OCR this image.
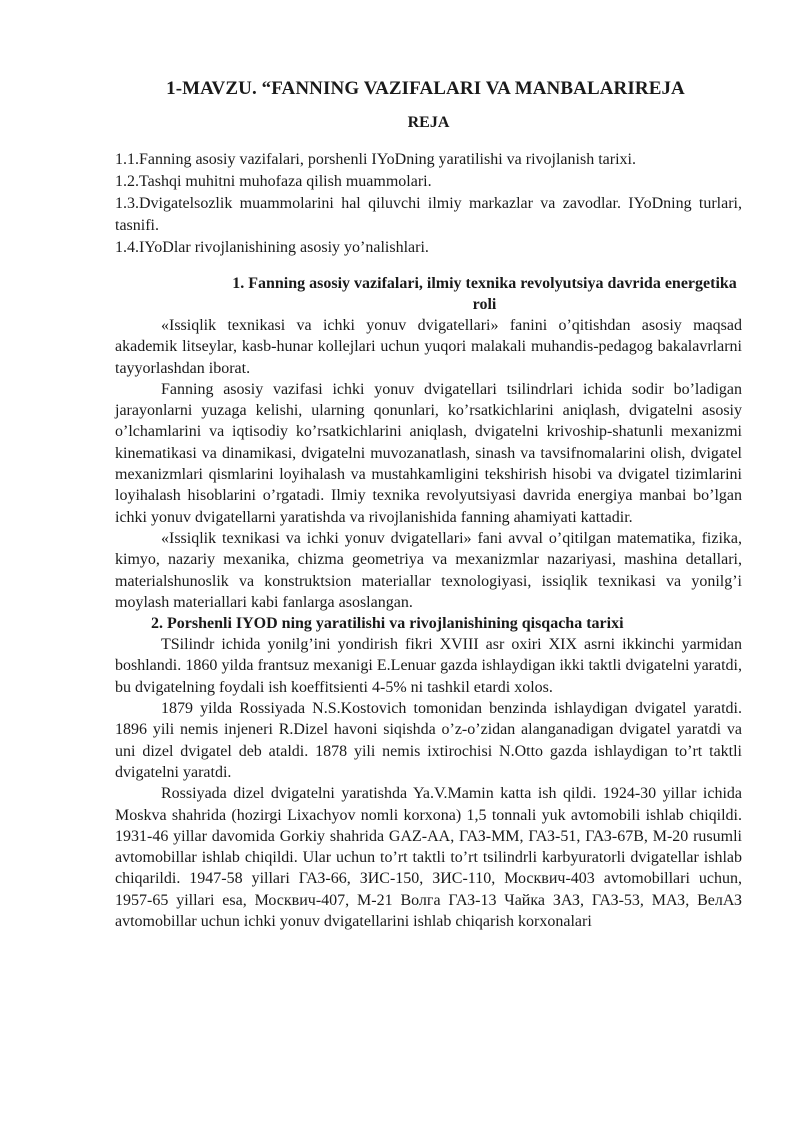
1-MAVZU. “FANNING VAZIFALARI VA MANBALARIREJA
REJA
1.1.Fanning asosiy vazifalari, porshenli IYoDning yaratilishi va rivojlanish tarixi.
1.2.Tashqi muhitni muhofaza qilish muammolari.
1.3.Dvigatelsozlik muammolarini hal qiluvchi ilmiy markazlar va zavodlar. IYoDning turlari, tasnifi.
1.4.IYoDlar rivojlanishining asosiy yo’nalishlari.
1. Fanning asosiy vazifalari, ilmiy texnika revolyutsiya davrida energetika roli

«Issiqlik texnikasi va ichki yonuv dvigatellari» fanini o’qitishdan asosiy maqsad akademik litseylar, kasb-hunar kollejlari uchun yuqori malakali muhandis-pedagog bakalavrlarni tayyorlashdan iborat.

Fanning asosiy vazifasi ichki yonuv dvigatellari tsilindrlari ichida sodir bo’ladigan jarayonlarni yuzaga kelishi, ularning qonunlari, ko’rsatkichlarini aniqlash, dvigatelni asosiy o’lchamlarini va iqtisodiy ko’rsatkichlarini aniqlash, dvigatelni krivoship-shatunli mexanizmi kinematikasi va dinamikasi, dvigatelni muvozanatlash, sinash va tavsifnomalarini olish, dvigatel mexanizmlari qismlarini loyihalash va mustahkamligini tekshirish hisobi va dvigatel tizimlarini loyihalash hisoblarini o’rgatadi. Ilmiy texnika revolyutsiyasi davrida energiya manbai bo’lgan ichki yonuv dvigatellarni yaratishda va rivojlanishida fanning ahamiyati kattadir.

«Issiqlik texnikasi va ichki yonuv dvigatellari» fani avval o’qitilgan matematika, fizika, kimyo, nazariy mexanika, chizma geometriya va mexanizmlar nazariyasi, mashina detallari, materialshunoslik va konstruktsion materiallar texnologiyasi, issiqlik texnikasi va yonilg’i moylash materiallari kabi fanlarga asoslangan.

2. Porshenli IYOD ning yaratilishi va rivojlanishining qisqacha tarixi

TSilindr ichida yonilg’ini yondirish fikri XVIII asr oxiri XIX asrni ikkinchi yarmidan boshlandi. 1860 yilda frantsuz mexanigi E.Lenuar gazda ishlaydigan ikki taktli dvigatelni yaratdi, bu dvigatelning foydali ish koeffitsienti 4-5% ni tashkil etardi xolos.

1879 yilda Rossiyada N.S.Kostovich tomonidan benzinda ishlaydigan dvigatel yaratdi. 1896 yili nemis injeneri R.Dizel havoni siqishda o’z-o’zidan alanganadigan dvigatel yaratdi va uni dizel dvigatel deb ataldi. 1878 yili nemis ixtirochisi N.Otto gazda ishlaydigan to’rt taktli dvigatelni yaratdi.

Rossiyada dizel dvigatelni yaratishda Ya.V.Mamin katta ish qildi. 1924-30 yillar ichida Moskva shahrida (hozirgi Lixachyov nomli korxona) 1,5 tonnali yuk avtomobili ishlab chiqildi. 1931-46 yillar davomida Gorkiy shahrida GAZ-AA, ГАЗ-ММ, ГАЗ-51, ГАЗ-67В, М-20 rusumli avtomobillar ishlab chiqildi. Ular uchun to’rt taktli to’rt tsilindrli karbyuratorli dvigatellar ishlab chiqarildi. 1947-58 yillari ГАЗ-66, ЗИС-150, ЗИС-110, Москвич-403 avtomobillari uchun, 1957-65 yillari esa, Москвич-407, М-21 Волга ГАЗ-13 Чайка ЗАЗ, ГАЗ-53, МАЗ, ВелАЗ avtomobillar uchun ichki yonuv dvigatellarini ishlab chiqarish korxonalari
